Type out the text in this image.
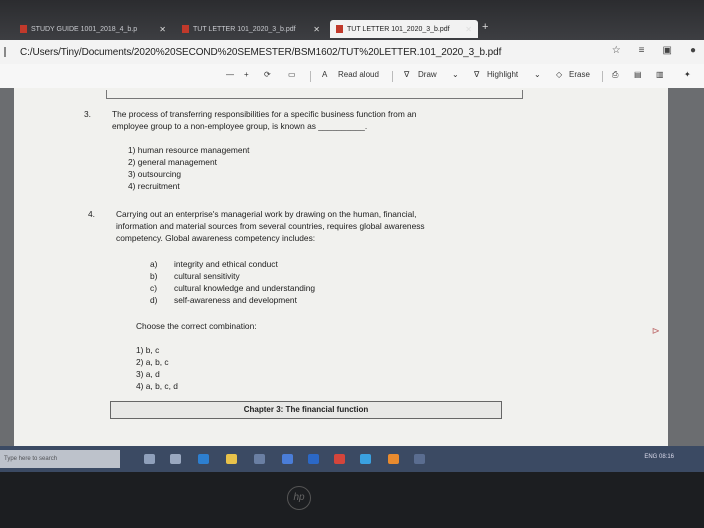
STUDY GUIDE 1001_2018_4_b.p	✕	TUT LETTER 101_2020_3_b.pdf ✕	TUT LETTER 101_2020_3_b.pdf ✕ +
C:/Users/Tiny/Documents/2020%20SECOND%20SEMESTER/BSM1602/TUT%20LETTER.101_2020_3_b.pdf	☆ ≡ ▣ ●
— + ⟳ ▭	A Read aloud	∇ Draw ⌄ ∇ Highlight ⌄ ◇ Erase	⎙ ▤ ▥	✦
3.	The process of transferring responsibilities for a specific business function from an
employee group to a non-employee group, is known as __________.
1) human resource management
2) general management
3) outsourcing
4) recruitment
4.	Carrying out an enterprise's managerial work by drawing on the human, financial,
information and material sources from several countries, requires global awareness
competency. Global awareness competency includes:
a) integrity and ethical conduct
b) cultural sensitivity
c) cultural knowledge and understanding
d) self-awareness and development
Choose the correct combination:
1) b, c
2) a, b, c
3) a, d
4) a, b, c, d
Chapter 3: The financial function
⊳
Type here to search	ENG 08:16
hp
